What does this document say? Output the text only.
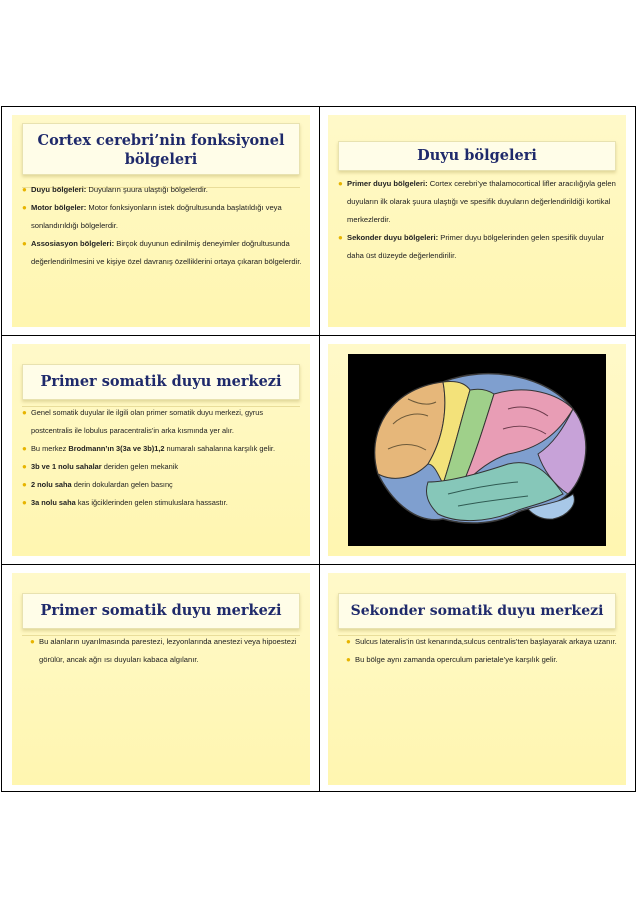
Cortex cerebri’nin fonksiyonel bölgeleri
● Duyu bölgeleri: Duyuların şuura ulaştığı bölgelerdir.
● Motor bölgeler: Motor fonksiyonların istek doğrultusunda başlatıldığı veya sonlandırıldığı bölgelerdir.
● Assosiasyon bölgeleri: Birçok duyunun edinilmiş deneyimler doğrultusunda değerlendirilmesini ve kişiye özel davranış özelliklerini ortaya çıkaran bölgelerdir.
Duyu bölgeleri
● Primer duyu bölgeleri: Cortex cerebri’ye thalamocortical lifler aracılığıyla gelen duyuların ilk olarak şuura ulaştığı ve spesifik duyuların değerlendirildiği kortikal merkezlerdir.
● Sekonder duyu bölgeleri: Primer duyu bölgelerinden gelen spesifik duyular daha üst düzeyde değerlendirilir.
Primer somatik duyu merkezi
● Genel somatik duyular ile ilgili olan primer somatik duyu merkezi, gyrus postcentralis ile lobulus paracentralis’in arka kısmında yer alır.
● Bu merkez Brodmann’ın 3(3a ve 3b)1,2 numaralı sahalarına karşılık gelir.
● 3b ve 1 nolu sahalar deriden gelen mekanik
● 2 nolu saha derin dokulardan gelen basınç
● 3a nolu saha kas iğciklerinden gelen stimuluslara hassastır.
Primer somatik duyu merkezi
● Bu alanların uyarılmasında parestezi, lezyonlarında anestezi veya hipoestezi görülür, ancak ağrı ısı duyuları kabaca algılanır.
Sekonder somatik duyu merkezi
● Sulcus lateralis’in üst kenarında,sulcus centralis’ten başlayarak arkaya uzanır.
● Bu bölge aynı zamanda operculum parietale’ye karşılık gelir.
